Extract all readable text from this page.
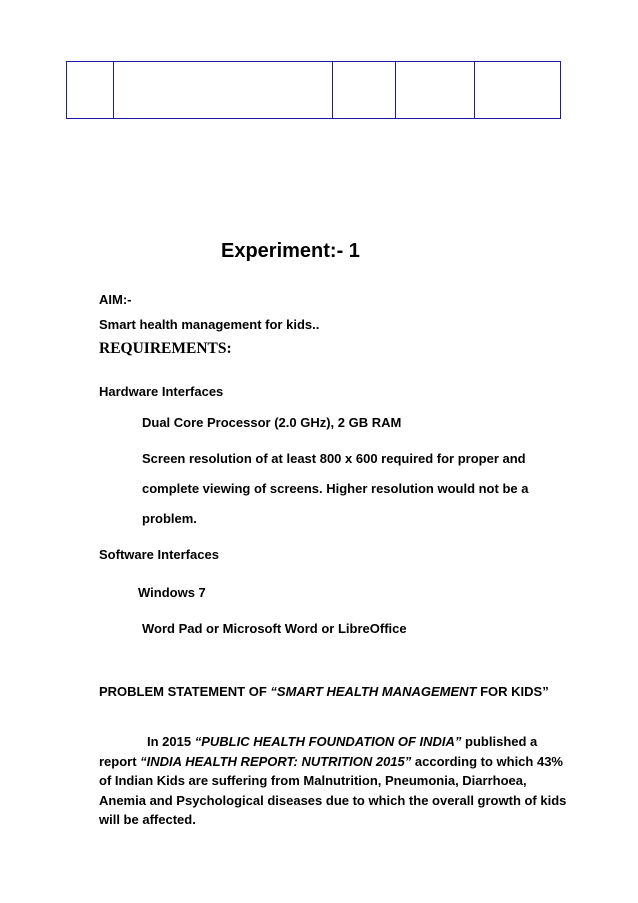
Experiment:- 1

AIM:-

Smart health management for kids..

REQUIREMENTS:

Hardware Interfaces

Dual Core Processor (2.0 GHz), 2 GB RAM

Screen resolution of at least 800 x 600 required for proper and

complete viewing of screens. Higher resolution would not be a

problem.

Software Interfaces

Windows 7

Word Pad or Microsoft Word or LibreOffice

PROBLEM STATEMENT OF “SMART HEALTH MANAGEMENT FOR KIDS”

In 2015 “PUBLIC HEALTH FOUNDATION OF INDIA” published a report “INDIA HEALTH REPORT: NUTRITION 2015” according to which 43% of Indian Kids are suffering from Malnutrition, Pneumonia, Diarrhoea, Anemia and Psychological diseases due to which the overall growth of kids will be affected.
